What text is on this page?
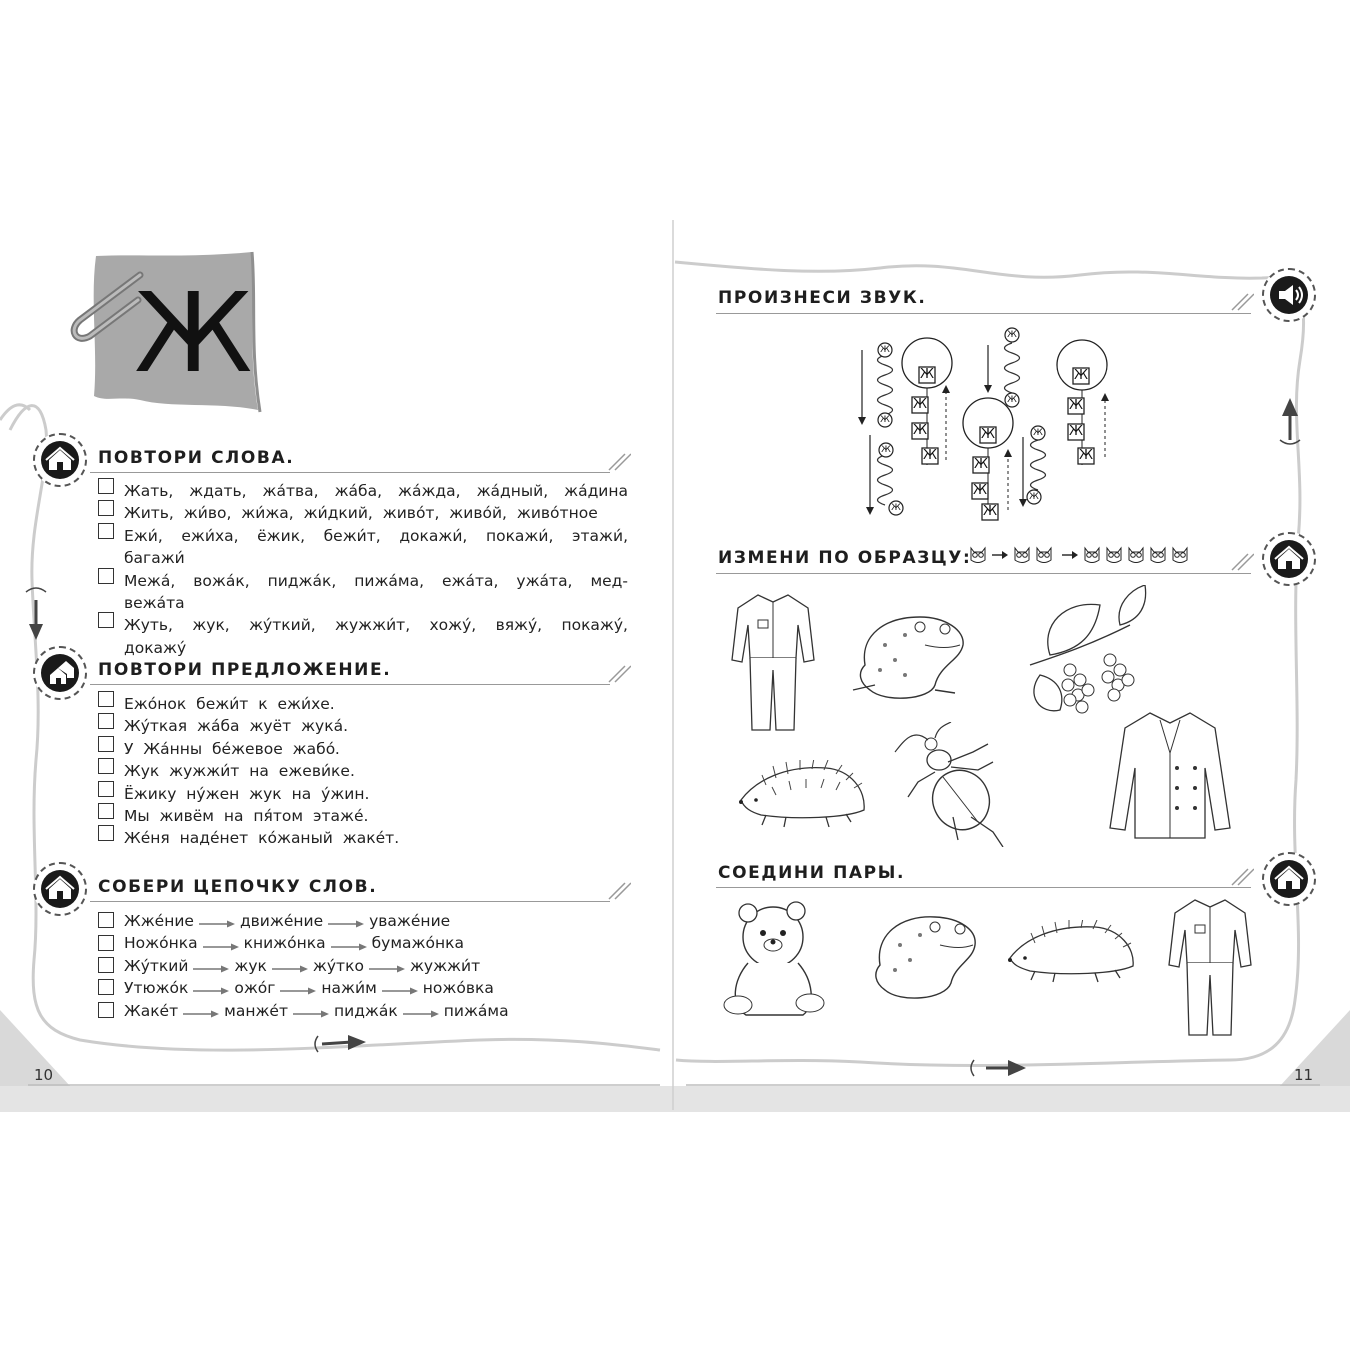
Ж
ПОВТОРИ СЛОВА.
Жать, ждать, жáтва, жáба, жáжда, жáдный, жáдина
Жить, жи́во, жи́жа, жи́дкий, живóт, живóй, живóтное
Ежи́, ежи́ха, ёжик, бежи́т, докажи́, покажи́, этажи́,
багажи́
Межá, вожáк, пиджáк, пижáма, ежáта, ужáта, мед-
вежáта
Жуть, жук, жýткий, жужжи́т, хожý, вяжý, покажý, докажý
ПОВТОРИ ПРЕДЛОЖЕНИЕ.
Ежóнок бежи́т к ежи́хе.
Жýткая жáба жуёт жукá.
У Жáнны бéжевое жабó.
Жук жужжи́т на ежеви́ке.
Ёжику нýжен жук на ýжин.
Мы живём на пя́том этажé.
Жéня надéнет кóжаный жакéт.
СОБЕРИ ЦЕПОЧКУ СЛОВ.
Жжéние	движéние	уважéние
Ножóнка	книжóнка	бумажóнка
Жýткий	жук	жýтко	жужжи́т
Утюжóк	ожóг	нажи́м	ножóвка
Жакéт	манжéт	пиджáк	пижáма
10
ПРОИЗНЕСИ ЗВУК.
Ж
Ж
Ж
Ж
Ж
Ж
Ж
Ж
Ж
Ж
Ж
Ж
Ж
Ж
Ж
Ж
Ж
Ж
Ж
Ж
ИЗМЕНИ ПО ОБРАЗЦУ:
СОЕДИНИ ПАРЫ.
11
